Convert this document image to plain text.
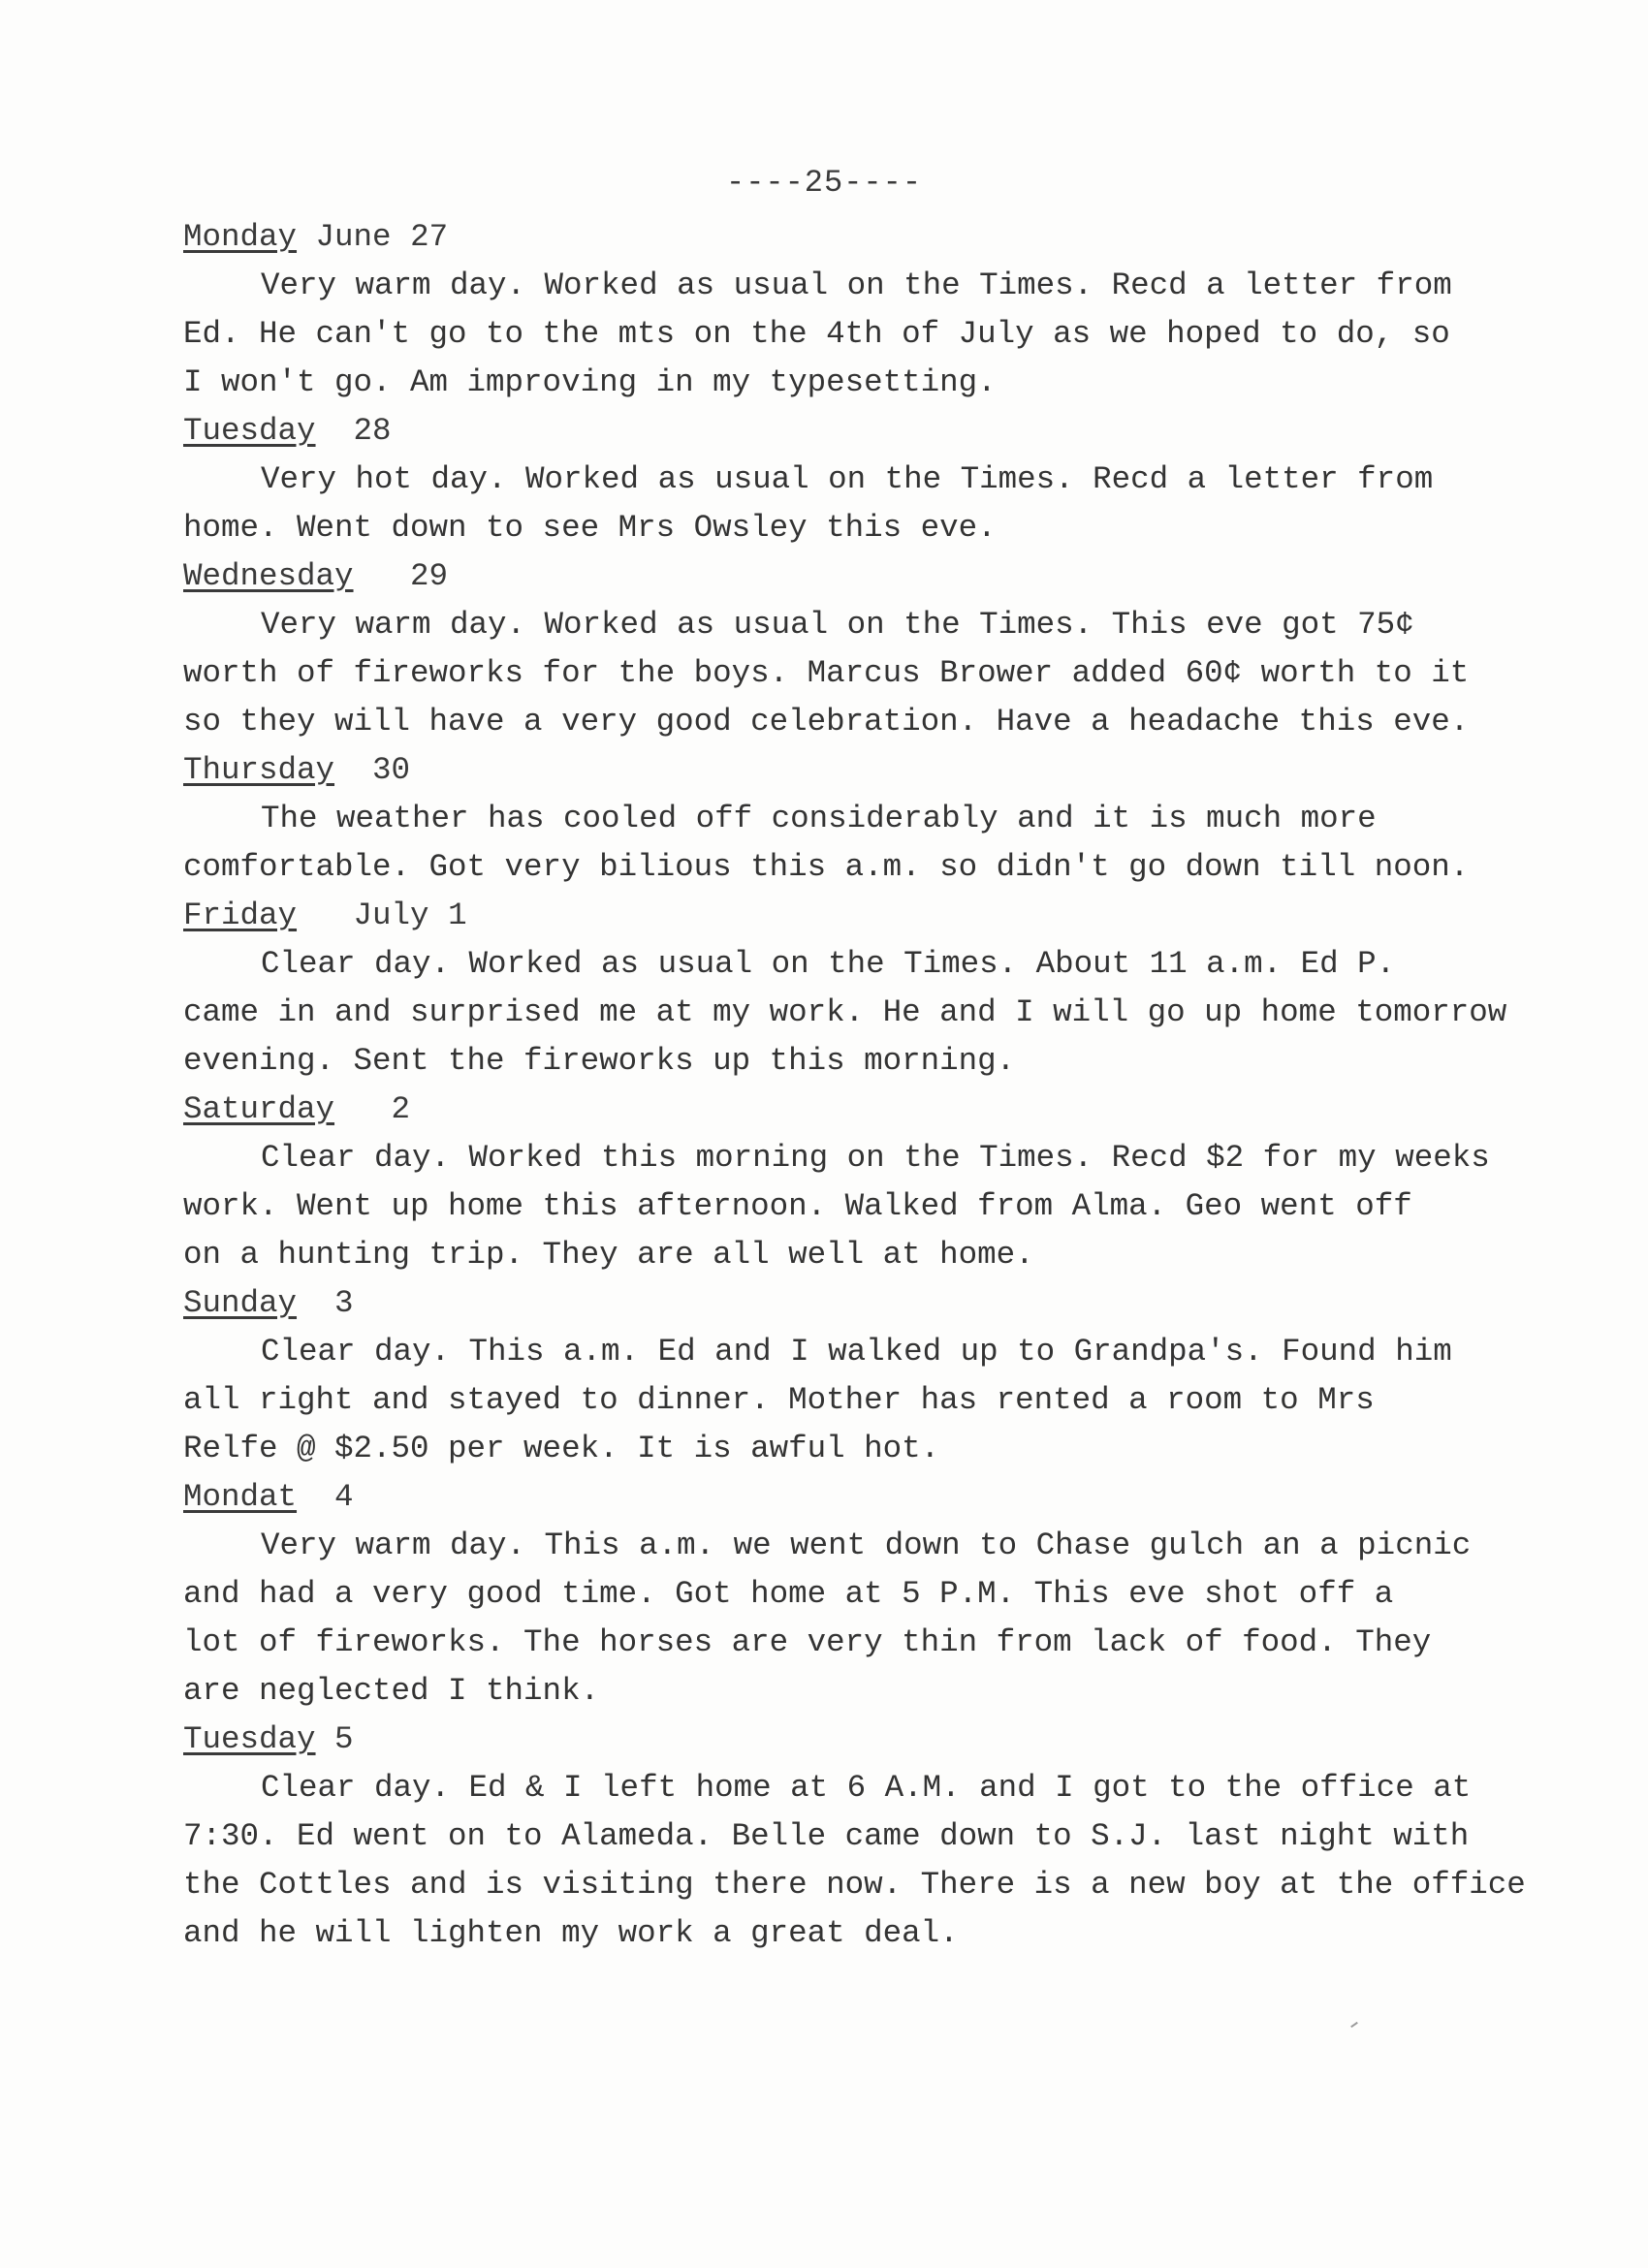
----25----
Monday June 27
Very warm day. Worked as usual on the Times. Recd a letter from
Ed. He can't go to the mts on the 4th of July as we hoped to do, so
I won't go. Am improving in my typesetting.
Tuesday 28
Very hot day. Worked as usual on the Times. Recd a letter from
home. Went down to see Mrs Owsley this eve.
Wednesday 29
Very warm day. Worked as usual on the Times. This eve got 75¢
worth of fireworks for the boys. Marcus Brower added 60¢ worth to it
so they will have a very good celebration. Have a headache this eve.
Thursday 30
The weather has cooled off considerably and it is much more
comfortable. Got very bilious this a.m. so didn't go down till noon.
Friday July 1
Clear day. Worked as usual on the Times. About 11 a.m. Ed P.
came in and surprised me at my work. He and I will go up home tomorrow
evening. Sent the fireworks up this morning.
Saturday 2
Clear day. Worked this morning on the Times. Recd $2 for my weeks
work. Went up home this afternoon. Walked from Alma. Geo went off
on a hunting trip. They are all well at home.
Sunday 3
Clear day. This a.m. Ed and I walked up to Grandpa's. Found him
all right and stayed to dinner. Mother has rented a room to Mrs
Relfe @ $2.50 per week. It is awful hot.
Mondat 4
Very warm day. This a.m. we went down to Chase gulch an a picnic
and had a very good time. Got home at 5 P.M. This eve shot off a
lot of fireworks. The horses are very thin from lack of food. They
are neglected I think.
Tuesday 5
Clear day. Ed & I left home at 6 A.M. and I got to the office at
7:30. Ed went on to Alameda. Belle came down to S.J. last night with
the Cottles and is visiting there now. There is a new boy at the office
and he will lighten my work a great deal.
